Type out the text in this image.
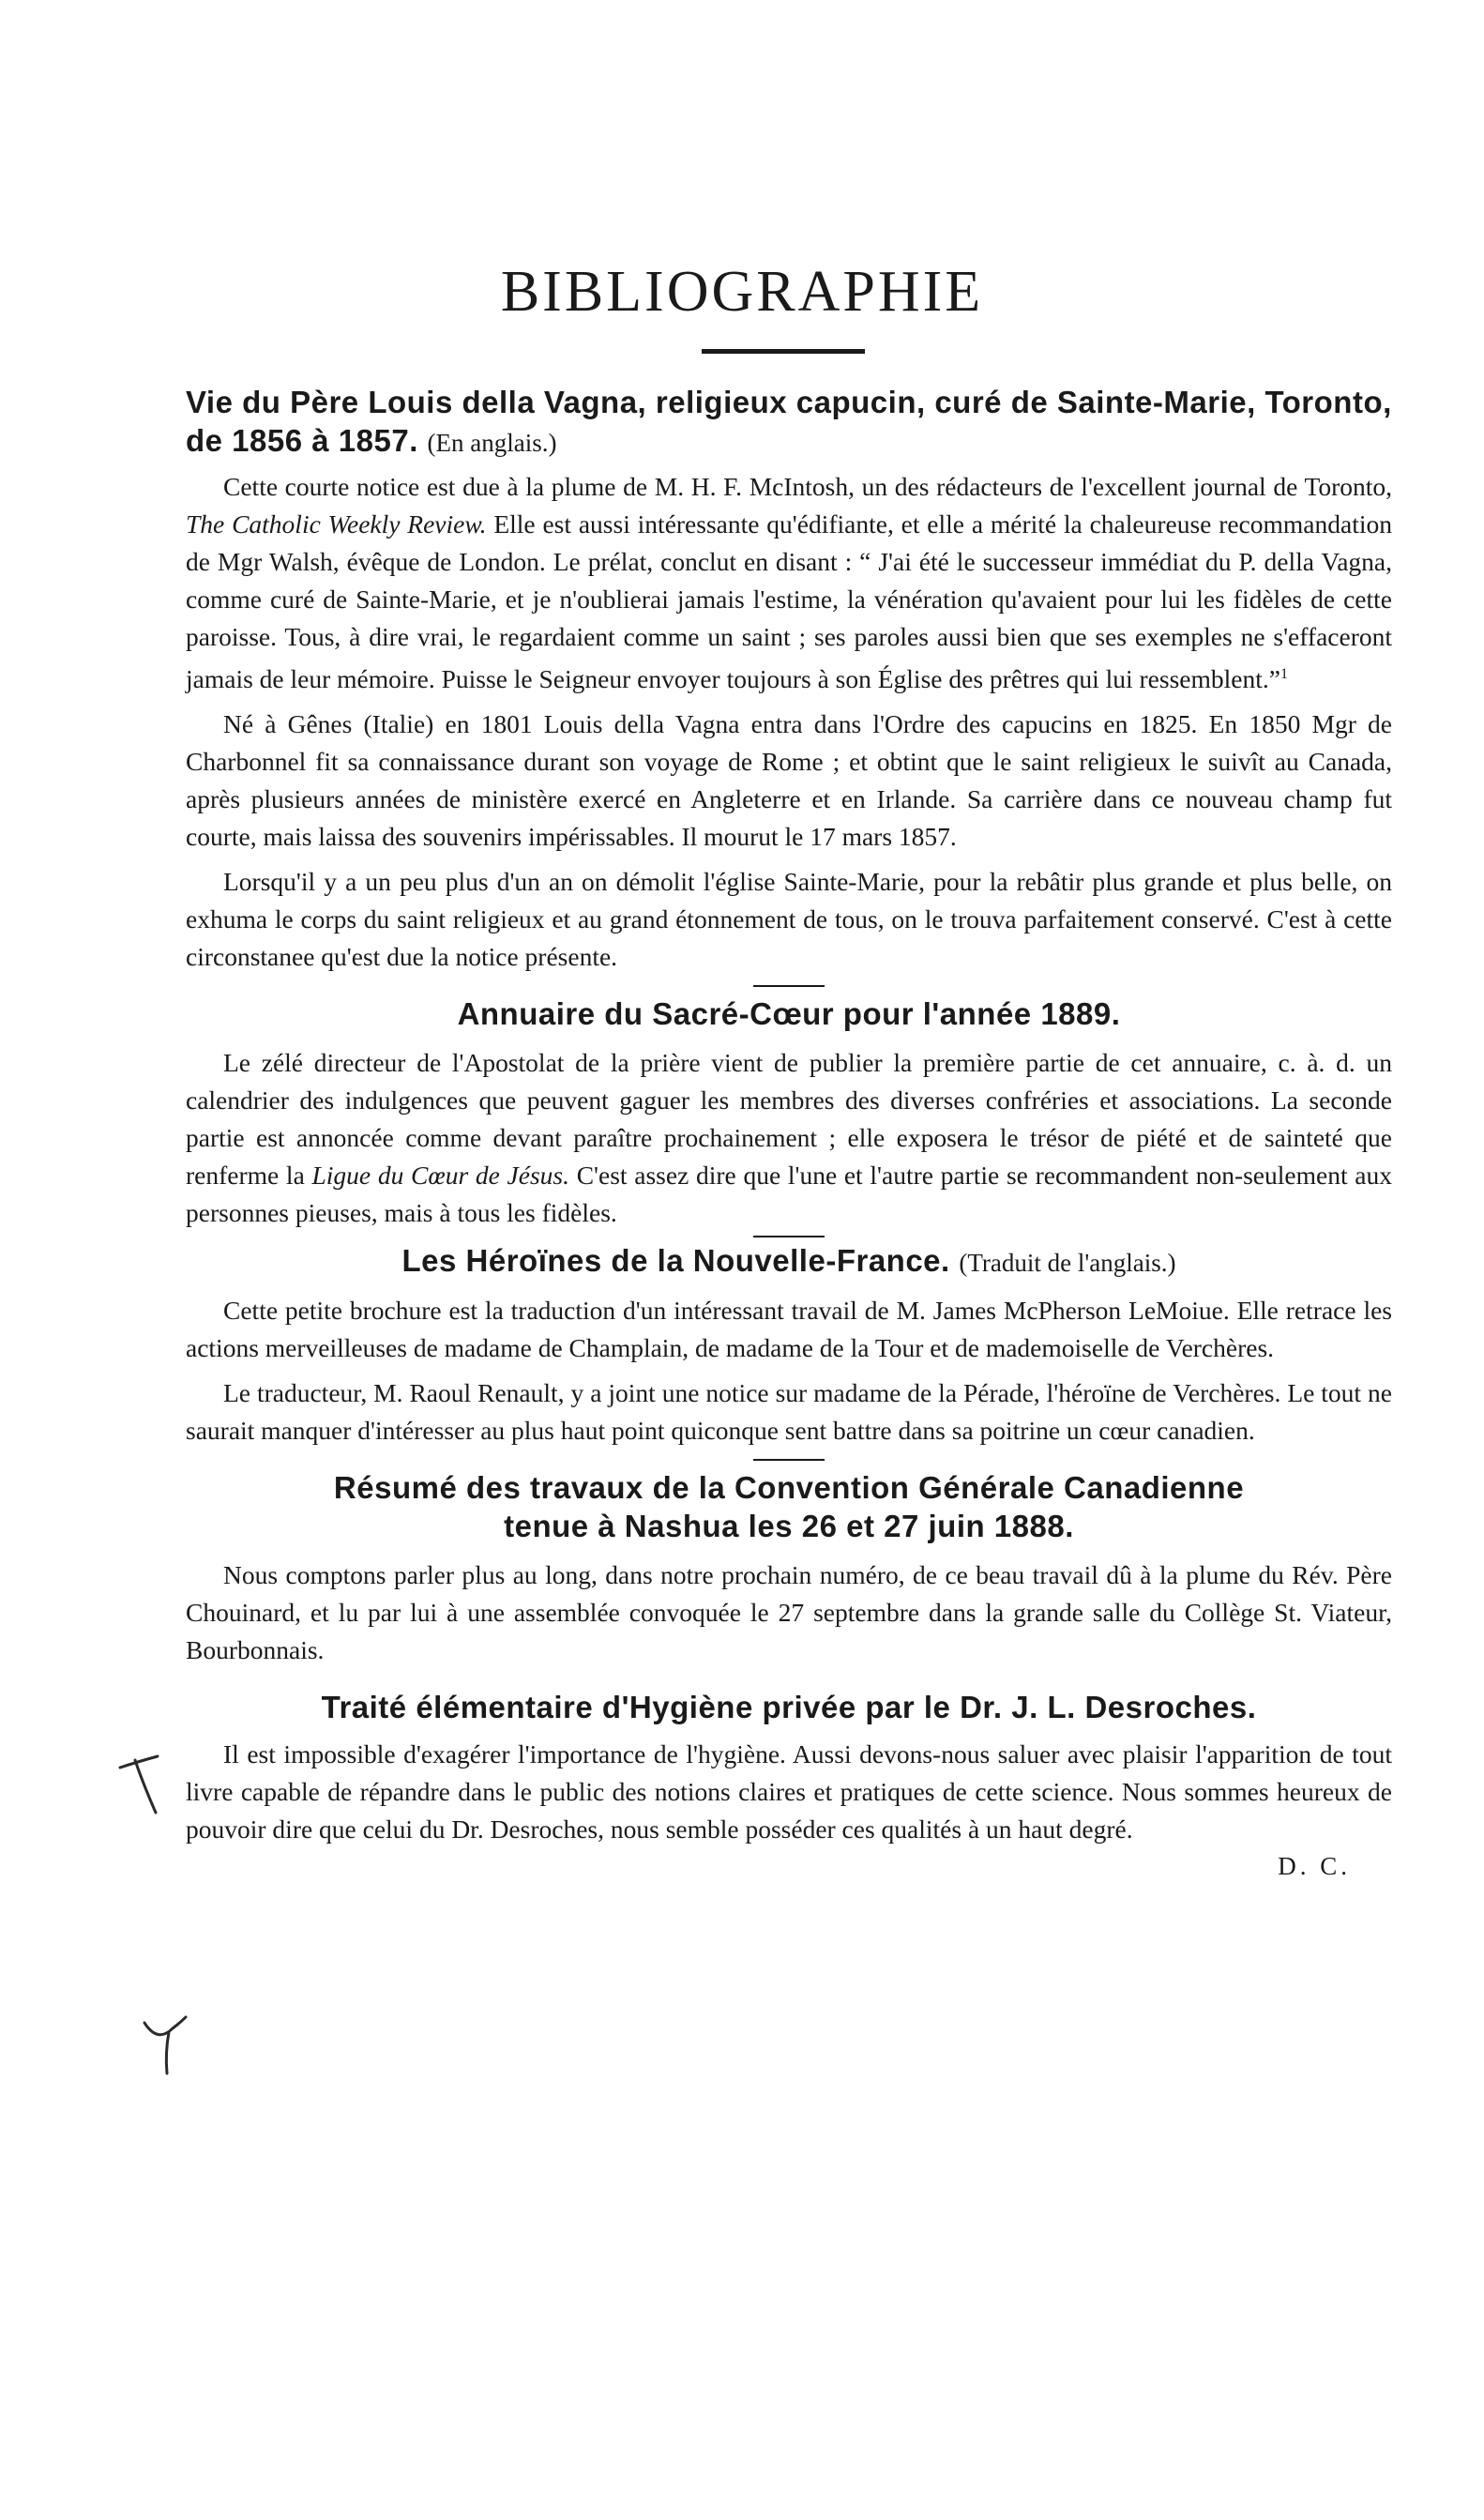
BIBLIOGRAPHIE
Vie du Père Louis della Vagna, religieux capucin, curé de Sainte-Marie, Toronto, de 1856 à 1857. (En anglais.)

Cette courte notice est due à la plume de M. H. F. McIntosh, un des rédacteurs de l'excellent journal de Toronto, The Catholic Weekly Review. Elle est aussi intéressante qu'édifiante, et elle a mérité la chaleureuse recommandation de Mgr Walsh, évêque de London. Le prélat, conclut en disant : “ J'ai été le successeur immédiat du P. della Vagna, comme curé de Sainte-Marie, et je n'oublierai jamais l'estime, la vénération qu'avaient pour lui les fidèles de cette paroisse. Tous, à dire vrai, le regardaient comme un saint ; ses paroles aussi bien que ses exemples ne s'effaceront jamais de leur mémoire. Puisse le Seigneur envoyer toujours à son Église des prêtres qui lui ressemblent.”$^1$

Né à Gênes (Italie) en 1801 Louis della Vagna entra dans l'Ordre des capucins en 1825. En 1850 Mgr de Charbonnel fit sa connaissance durant son voyage de Rome ; et obtint que le saint religieux le suivît au Canada, après plusieurs années de ministère exercé en Angleterre et en Irlande. Sa carrière dans ce nouveau champ fut courte, mais laissa des souvenirs impérissables. Il mourut le 17 mars 1857.

Lorsqu'il y a un peu plus d'un an on démolit l'église Sainte-Marie, pour la rebâtir plus grande et plus belle, on exhuma le corps du saint religieux et au grand étonnement de tous, on le trouva parfaitement conservé. C'est à cette circonstanee qu'est due la notice présente.

Annuaire du Sacré-Cœur pour l'année 1889.

Le zélé directeur de l'Apostolat de la prière vient de publier la première partie de cet annuaire, c. à. d. un calendrier des indulgences que peuvent gaguer les membres des diverses confréries et associations. La seconde partie est annoncée comme devant paraître prochainement ; elle exposera le trésor de piété et de sainteté que renferme la Ligue du Cœur de Jésus. C'est assez dire que l'une et l'autre partie se recommandent non-seulement aux personnes pieuses, mais à tous les fidèles.

Les Héroïnes de la Nouvelle-France. (Traduit de l'anglais.)

Cette petite brochure est la traduction d'un intéressant travail de M. James McPherson LeMoiue. Elle retrace les actions merveilleuses de madame de Champlain, de madame de la Tour et de mademoiselle de Verchères.

Le traducteur, M. Raoul Renault, y a joint une notice sur madame de la Pérade, l'héroïne de Verchères. Le tout ne saurait manquer d'intéresser au plus haut point quiconque sent battre dans sa poitrine un cœur canadien.

Résumé des travaux de la Convention Générale Canadienne tenue à Nashua les 26 et 27 juin 1888.

Nous comptons parler plus au long, dans notre prochain numéro, de ce beau travail dû à la plume du Rév. Père Chouinard, et lu par lui à une assemblée convoquée le 27 septembre dans la grande salle du Collège St. Viateur, Bourbonnais.

Traité élémentaire d'Hygiène privée par le Dr. J. L. Desroches.

Il est impossible d'exagérer l'importance de l'hygiène. Aussi devons-nous saluer avec plaisir l'apparition de tout livre capable de répandre dans le public des notions claires et pratiques de cette science. Nous sommes heureux de pouvoir dire que celui du Dr. Desroches, nous semble posséder ces qualités à un haut degré.

D. C.
